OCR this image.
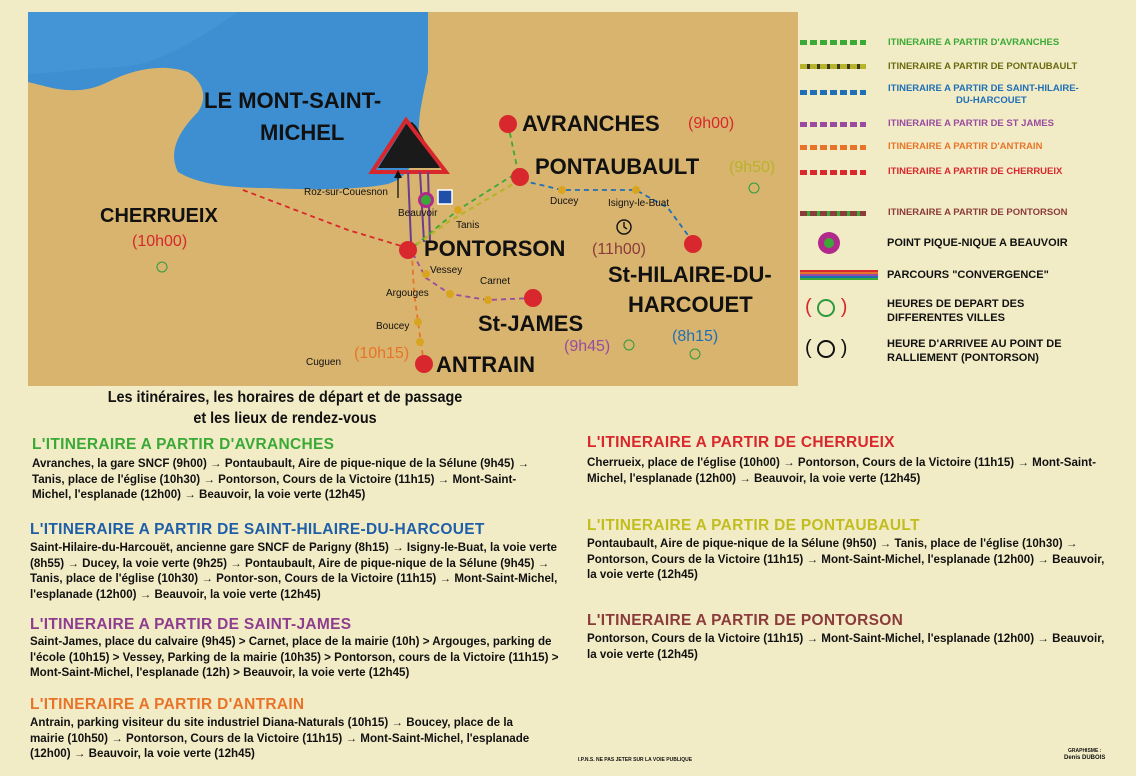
LE MONT-SAINT-
MICHEL	AVRANCHES (9h00)
PONTAUBAULT (9h50)
PONTORSON (11h00)
CHERRUEIX
(10h00)
St-HILAIRE-DU-
HARCOUET
(8h15)
St-JAMES
(9h45)
ANTRAIN
(10h15)
Roz-sur-Couesnon
Beauvoir
Tanis
Ducey	Isigny-le-Buat
Vessey
Carnet
Argouges
Boucey
Cuguen
ITINERAIRE A PARTIR D'AVRANCHES
ITINERAIRE A PARTIR DE PONTAUBAULT
ITINERAIRE A PARTIR DE SAINT-HILAIRE-
DU-HARCOUET
ITINERAIRE A PARTIR DE ST JAMES
ITINERAIRE A PARTIR D'ANTRAIN
ITINERAIRE A PARTIR DE CHERRUEIX
ITINERAIRE A PARTIR DE PONTORSON
POINT PIQUE-NIQUE A BEAUVOIR
PARCOURS "CONVERGENCE"
(  )	HEURES DE DEPART DES
DIFFERENTES VILLES
(  )	HEURE D'ARRIVEE AU POINT DE
RALLIEMENT (PONTORSON)
Les itinéraires, les horaires de départ et de passage
et les lieux de rendez-vous
L'ITINERAIRE A PARTIR D'AVRANCHES
Avranches, la gare SNCF (9h00) → Pontaubault, Aire de pique-nique de la Sélune (9h45) → Tanis, place de l'église (10h30) → Pontorson, Cours de la Victoire (11h15) → Mont-Saint-Michel, l'esplanade (12h00) → Beauvoir, la voie verte (12h45)
L'ITINERAIRE A PARTIR DE SAINT-HILAIRE-DU-HARCOUET
Saint-Hilaire-du-Harcouët, ancienne gare SNCF de Parigny (8h15) → Isigny-le-Buat, la voie verte (8h55) → Ducey, la voie verte (9h25) → Pontaubault, Aire de pique-nique de la Sélune (9h45) → Tanis, place de l'église (10h30) → Pontor-son, Cours de la Victoire (11h15) → Mont-Saint-Michel, l'esplanade (12h00) → Beauvoir, la voie verte (12h45)
L'ITINERAIRE A PARTIR DE SAINT-JAMES
Saint-James, place du calvaire (9h45) > Carnet, place de la mairie (10h) > Argouges, parking de l'école (10h15) > Vessey, Parking de la mairie (10h35) > Pontorson, cours de la Victoire (11h15) > Mont-Saint-Michel, l'esplanade (12h) > Beauvoir, la voie verte (12h45)
L'ITINERAIRE A PARTIR D'ANTRAIN
Antrain, parking visiteur du site industriel Diana-Naturals (10h15) → Boucey, place de la mairie (10h50) → Pontorson, Cours de la Victoire (11h15) → Mont-Saint-Michel, l'esplanade (12h00) → Beauvoir, la voie verte (12h45)
L'ITINERAIRE A PARTIR DE CHERRUEIX
Cherrueix, place de l'église (10h00) → Pontorson, Cours de la Victoire (11h15) → Mont-Saint-Michel, l'esplanade (12h00) → Beauvoir, la voie verte (12h45)
L'ITINERAIRE A PARTIR DE PONTAUBAULT
Pontaubault, Aire de pique-nique de la Sélune (9h50) → Tanis, place de l'église (10h30) → Pontorson, Cours de la Victoire (11h15) → Mont-Saint-Michel, l'esplanade (12h00) → Beauvoir, la voie verte (12h45)
L'ITINERAIRE A PARTIR DE PONTORSON
Pontorson, Cours de la Victoire (11h15) → Mont-Saint-Michel, l'esplanade (12h00) → Beauvoir, la voie verte (12h45)
I.P.N.S. NE PAS JETER SUR LA VOIE PUBLIQUE
GRAPHISME :
Denis DUBOIS
